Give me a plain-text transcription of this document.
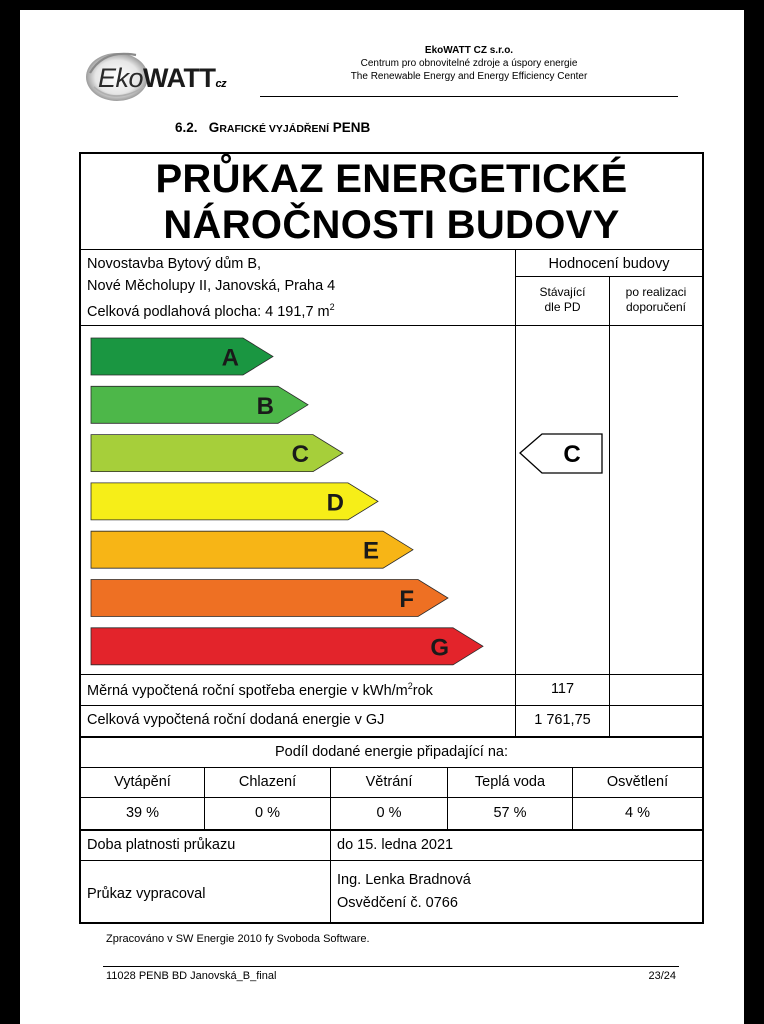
EkoWATTcz
EkoWATT CZ s.r.o.
Centrum pro obnovitelné zdroje a úspory energie
The Renewable Energy and Energy Efficiency Center
6.2. GRAFICKÉ VYJÁDŘENÍ PENB
PRŮKAZ ENERGETICKÉ
NÁROČNOSTI BUDOVY
Novostavba Bytový dům B,
Nové Měcholupy II, Janovská, Praha 4
Celková podlahová plocha: 4 191,7 $m^2$
Hodnocení budovy
Stávající
dle PD
po realizaci
doporučení
A
B
C
D
E
F
G
C
Měrná vypočtená roční spotřeba energie v kWh/$m^2rok$	117
Celková vypočtená roční dodaná energie v GJ	1 761,75
Podíl dodané energie připadající na:
Vytápění	Chlazení	Větrání	Teplá voda	Osvětlení
39 %	0 %	0 %	57 %	4 %
Doba platnosti průkazu	do 15. ledna 2021
Průkaz vypracoval
Ing. Lenka Bradnová
Osvědčení č. 0766
Zpracováno v SW Energie 2010 fy Svoboda Software.
11028 PENB BD Janovská_B_final	23/24
